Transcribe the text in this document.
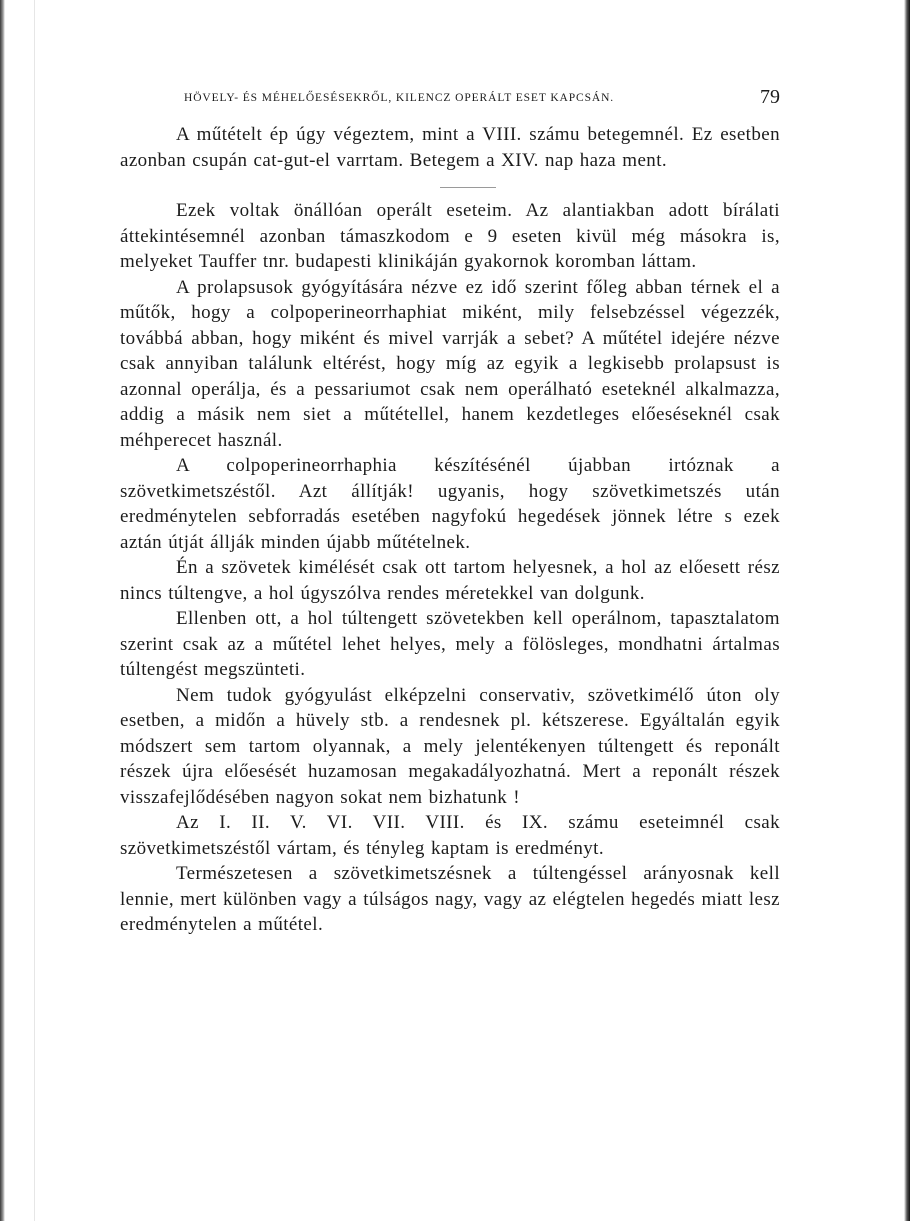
HÖVELY- ÉS MÉHELŐESÉSEKRŐL, KILENCZ OPERÁLT ESET KAPCSÁN.	79

A műtételt ép úgy végeztem, mint a VIII. számu betegemnél. Ez esetben azonban csupán cat-gut-el varrtam. Betegem a XIV. nap haza ment.

Ezek voltak önállóan operált eseteim. Az alantiakban adott bírálati áttekintésemnél azonban támaszkodom e 9 eseten kivül még másokra is, melyeket Tauffer tnr. budapesti klinikáján gyakornok koromban láttam.

A prolapsusok gyógyítására nézve ez idő szerint főleg abban térnek el a műtők, hogy a colpoperineorrhaphiat miként, mily felsebzéssel végezzék, továbbá abban, hogy miként és mivel varrják a sebet? A műtétel idejére nézve csak annyiban találunk eltérést, hogy míg az egyik a legkisebb prolapsust is azonnal operálja, és a pessariumot csak nem operálható eseteknél alkalmazza, addig a másik nem siet a műtétellel, hanem kezdetleges előeséseknél csak méhperecet használ.

A colpoperineorrhaphia készítésénél újabban irtóznak a szövetkimetszéstől. Azt állítják! ugyanis, hogy szövetkimetszés után eredménytelen sebforradás esetében nagyfokú hegedések jönnek létre s ezek aztán útját állják minden újabb műtételnek.

Én a szövetek kimélését csak ott tartom helyesnek, a hol az előesett rész nincs túltengve, a hol úgyszólva rendes méretekkel van dolgunk.

Ellenben ott, a hol túltengett szövetekben kell operálnom, tapasztalatom szerint csak az a műtétel lehet helyes, mely a fölösleges, mondhatni ártalmas túltengést megszünteti.

Nem tudok gyógyulást elképzelni conservativ, szövetkimélő úton oly esetben, a midőn a hüvely stb. a rendesnek pl. kétszerese. Egyáltalán egyik módszert sem tartom olyannak, a mely jelentékenyen túltengett és reponált részek újra előesését huzamosan megakadályozhatná. Mert a reponált részek visszafejlődésében nagyon sokat nem bizhatunk !

Az I. II. V. VI. VII. VIII. és IX. számu eseteimnél csak szövetkimetszéstől vártam, és tényleg kaptam is eredményt.

Természetesen a szövetkimetszésnek a túltengéssel arányosnak kell lennie, mert különben vagy a túlságos nagy, vagy az elégtelen hegedés miatt lesz eredménytelen a műtétel.
